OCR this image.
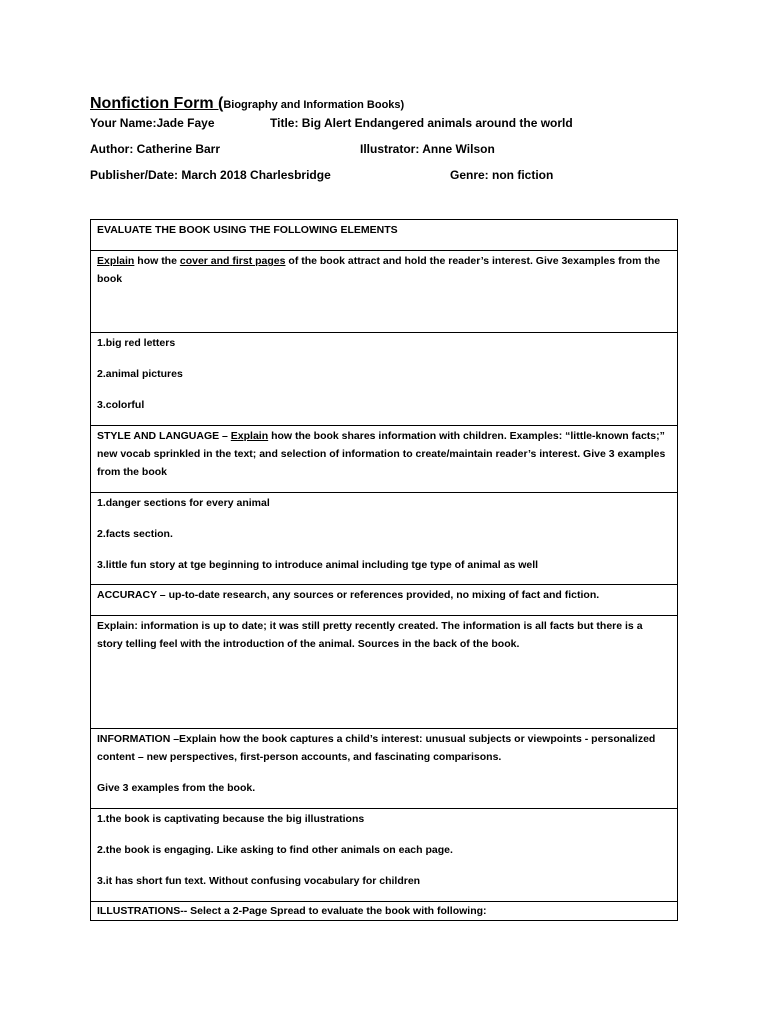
Nonfiction Form (Biography and Information Books)
Your Name:Jade Faye	Title: Big Alert Endangered animals around the world
Author: Catherine Barr	Illustrator: Anne Wilson
Publisher/Date: March 2018 Charlesbridge	Genre: non fiction

EVALUATE THE BOOK USING THE FOLLOWING ELEMENTS

Explain how the cover and first pages of the book attract and hold the reader’s interest. Give 3examples from the book

1.big red letters

2.animal pictures

3.colorful

STYLE AND LANGUAGE – Explain how the book shares information with children. Examples: “little-known facts;” new vocab sprinkled in the text; and selection of information to create/maintain reader’s interest. Give 3 examples from the book

1.danger sections for every animal

2.facts section.

3.little fun story at tge beginning to introduce animal including tge type of animal as well

ACCURACY – up-to-date research, any sources or references provided, no mixing of fact and fiction.

Explain: information is up to date; it was still pretty recently created. The information is all facts but there is a story telling feel with the introduction of the animal. Sources in the back of the book.

INFORMATION –Explain how the book captures a child’s interest: unusual subjects or viewpoints - personalized content – new perspectives, first-person accounts, and fascinating comparisons.

Give 3 examples from the book.

1.the book is captivating because the big illustrations

2.the book is engaging. Like asking to find other animals on each page.

3.it has short fun text. Without confusing vocabulary for children

ILLUSTRATIONS-- Select a 2-Page Spread to evaluate the book with following:
